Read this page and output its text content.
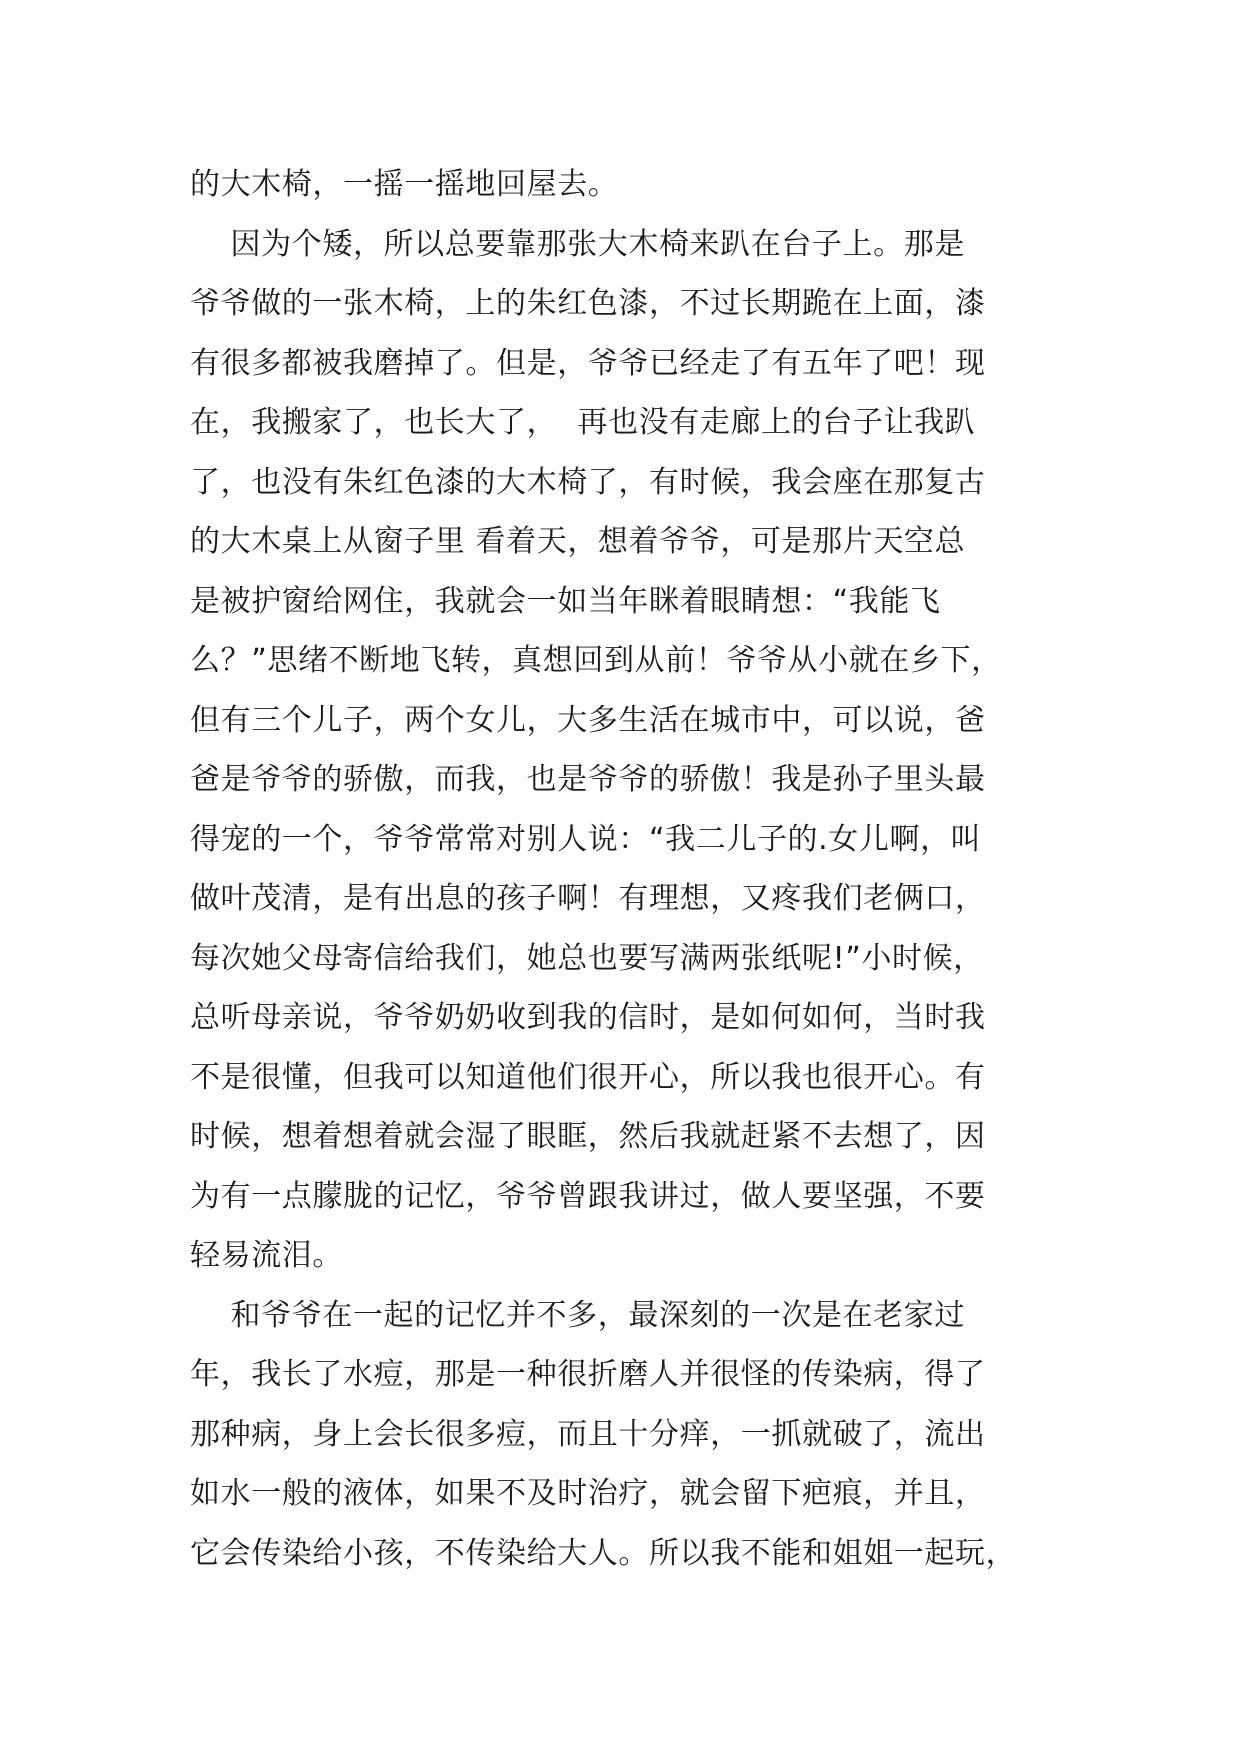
的大木椅，一摇一摇地回屋去。
因为个矮，所以总要靠那张大木椅来趴在台子上。那是
爷爷做的一张木椅，上的朱红色漆，不过长期跪在上面，漆
有很多都被我磨掉了。但是，爷爷已经走了有五年了吧！现
在，我搬家了，也长大了，  再也没有走廊上的台子让我趴
了，也没有朱红色漆的大木椅了，有时候，我会座在那复古
的大木桌上从窗子里 看着天，想着爷爷，可是那片天空总
是被护窗给网住，我就会一如当年眯着眼睛想：“我能飞
么？”思绪不断地飞转，真想回到从前！爷爷从小就在乡下，
但有三个儿子，两个女儿，大多生活在城市中，可以说，爸
爸是爷爷的骄傲，而我，也是爷爷的骄傲！我是孙子里头最
得宠的一个，爷爷常常对别人说：“我二儿子的.女儿啊，叫
做叶茂清，是有出息的孩子啊！有理想，又疼我们老俩口，
每次她父母寄信给我们，她总也要写满两张纸呢!”小时候，
总听母亲说，爷爷奶奶收到我的信时，是如何如何，当时我
不是很懂，但我可以知道他们很开心，所以我也很开心。有
时候，想着想着就会湿了眼眶，然后我就赶紧不去想了，因
为有一点朦胧的记忆，爷爷曾跟我讲过，做人要坚强，不要
轻易流泪。
和爷爷在一起的记忆并不多，最深刻的一次是在老家过
年，我长了水痘，那是一种很折磨人并很怪的传染病，得了
那种病，身上会长很多痘，而且十分痒，一抓就破了，流出
如水一般的液体，如果不及时治疗，就会留下疤痕，并且，
它会传染给小孩，不传染给大人。所以我不能和姐姐一起玩，
